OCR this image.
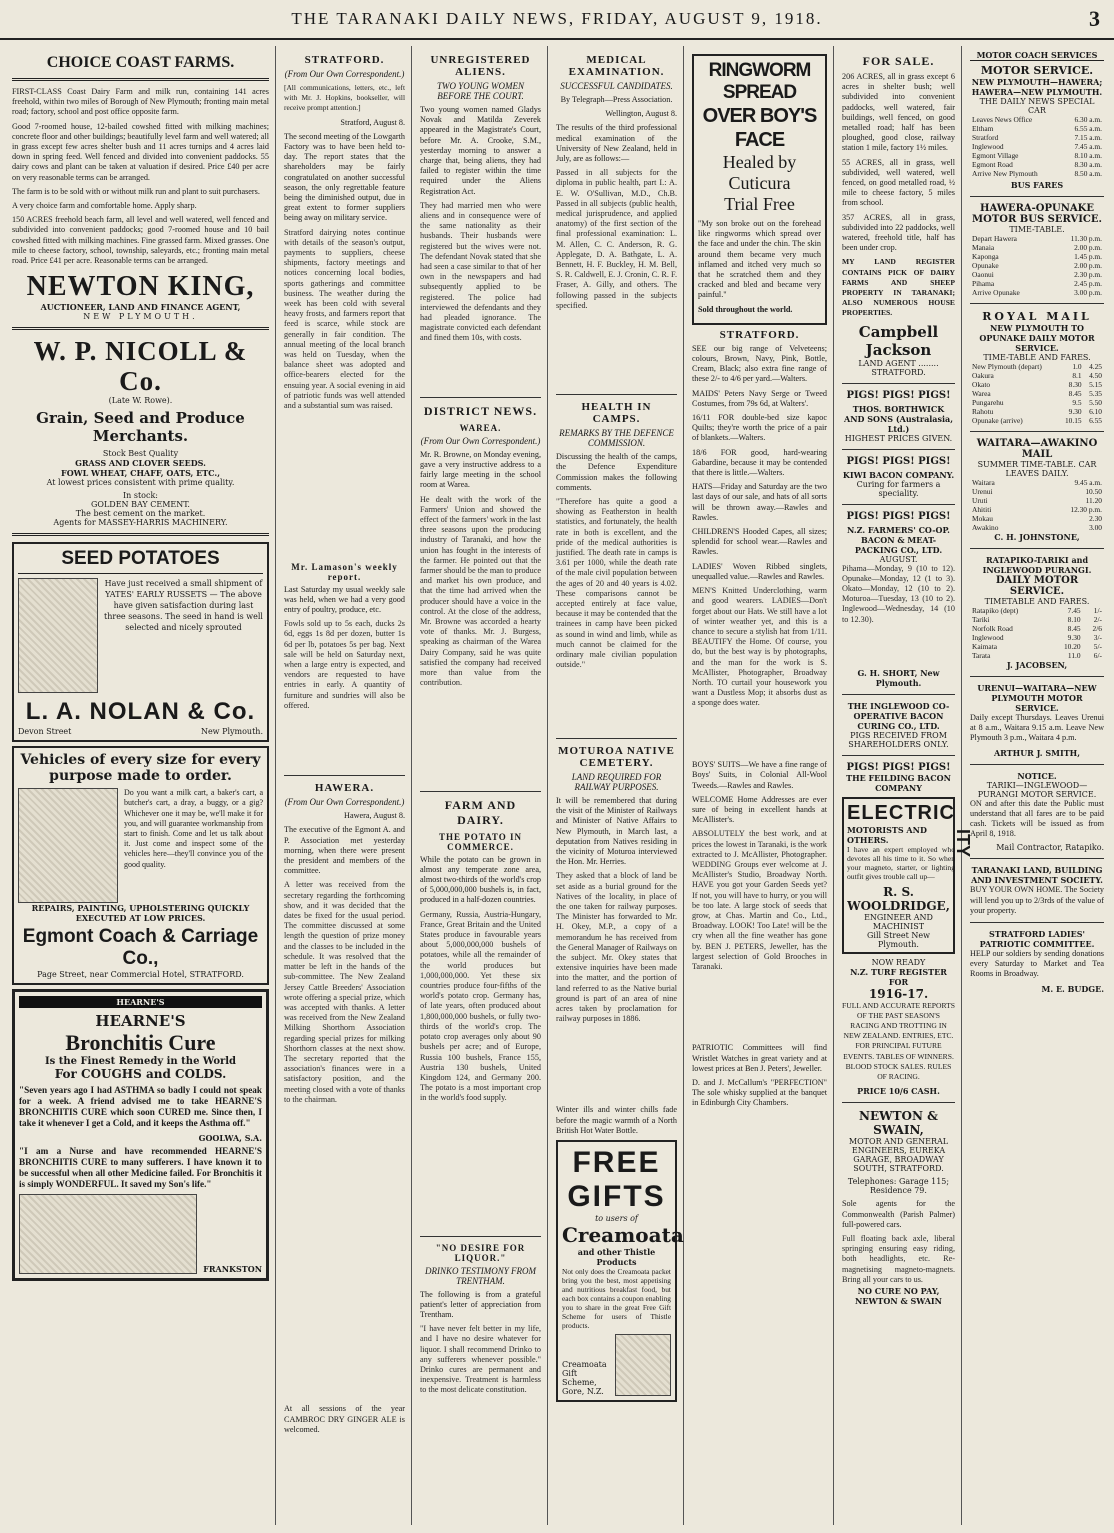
THE TARANAKI DAILY NEWS, FRIDAY, AUGUST 9, 1918.	3
CHOICE COAST FARMS.
FIRST-CLASS Coast Dairy Farm and milk run, containing 141 acres freehold, within two miles of Borough of New Plymouth; fronting main metal road; factory, school and post office opposite farm.
Good 7-roomed house, 12-bailed cowshed fitted with milking machines; concrete floor and other buildings; beautifully level farm and well watered; all in grass except few acres shelter bush and 11 acres turnips and 4 acres laid down in spring feed. Well fenced and divided into convenient paddocks. 55 dairy cows and plant can be taken at valuation if desired. Price £40 per acre on very reasonable terms can be arranged.
The farm is to be sold with or without milk run and plant to suit purchasers.
A very choice farm and comfortable home. Apply sharp.
150 ACRES freehold beach farm, all level and well watered, well fenced and subdivided into convenient paddocks; good 7-roomed house and 10 bail cowshed fitted with milking machines. Fine grassed farm. Mixed grasses. One mile to cheese factory, school, township, saleyards, etc.; fronting main metal road. Price £41 per acre. Reasonable terms can be arranged.
NEWTON KING,
AUCTIONEER, LAND AND FINANCE AGENT,
NEW PLYMOUTH.
W. P. NICOLL & Co.
(Late W. Rowe).
Grain, Seed and Produce Merchants.
Stock Best Quality
GRASS AND CLOVER SEEDS.
FOWL WHEAT, CHAFF, OATS, ETC.,
At lowest prices consistent with prime quality.
In stock:
GOLDEN BAY CEMENT.
The best cement on the market.
Agents for MASSEY-HARRIS MACHINERY.
SEED POTATOES
Have just received a small shipment of YATES' EARLY RUSSETS — The above have given satisfaction during last three seasons. The seed in hand is well selected and nicely sprouted
L. A. NOLAN & Co.
Devon Street	New Plymouth.
Vehicles of every size for every purpose made to order.
Do you want a milk cart, a baker's cart, a butcher's cart, a dray, a buggy, or a gig? Whichever one it may be, we'll make it for you, and will guarantee workmanship from start to finish. Come and let us talk about it. Just come and inspect some of the vehicles here—they'll convince you of the good quality.
REPAIRS, PAINTING, UPHOLSTERING QUICKLY EXECUTED AT LOW PRICES.
Egmont Coach & Carriage Co.,
Page Street, near Commercial Hotel, STRATFORD.
HEARNE'S
HEARNE'S
Bronchitis Cure
Is the Finest Remedy in the World
For COUGHS and COLDS.
"Seven years ago I had ASTHMA so badly I could not speak for a week. A friend advised me to take HEARNE'S BRONCHITIS CURE which soon CURED me. Since then, I take it whenever I get a Cold, and it keeps the Asthma off."
GOOLWA, S.A.
"I am a Nurse and have recommended HEARNE'S BRONCHITIS CURE to many sufferers. I have known it to be successful when all other Medicine failed. For Bronchitis it is simply WONDERFUL. It saved my Son's life."
FRANKSTON
STRATFORD.
(From Our Own Correspondent.)
[All communications, letters, etc., left with Mr. J. Hopkins, bookseller, will receive prompt attention.]
Stratford, August 8.
The second meeting of the Lowgarth Factory was to have been held to-day. The report states that the shareholders may be fairly congratulated on another successful season, the only regrettable feature being the diminished output, due in great extent to former suppliers being away on military service.
Stratford dairying notes continue with details of the season's output, payments to suppliers, cheese shipments, factory meetings and notices concerning local bodies, sports gatherings and committee business. The weather during the week has been cold with several heavy frosts, and farmers report that feed is scarce, while stock are generally in fair condition. The annual meeting of the local branch was held on Tuesday, when the balance sheet was adopted and office-bearers elected for the ensuing year. A social evening in aid of patriotic funds was well attended and a substantial sum was raised.
Mr. Lamason's weekly report.
Last Saturday my usual weekly sale was held, when we had a very good entry of poultry, produce, etc.
Fowls sold up to 5s each, ducks 2s 6d, eggs 1s 8d per dozen, butter 1s 6d per lb, potatoes 5s per bag. Next sale will be held on Saturday next, when a large entry is expected, and vendors are requested to have entries in early. A quantity of furniture and sundries will also be offered.
HAWERA.
(From Our Own Correspondent.)
Hawera, August 8.
The executive of the Egmont A. and P. Association met yesterday morning, when there were present the president and members of the committee.
A letter was received from the secretary regarding the forthcoming show, and it was decided that the dates be fixed for the usual period. The committee discussed at some length the question of prize money and the classes to be included in the schedule. It was resolved that the matter be left in the hands of the sub-committee. The New Zealand Jersey Cattle Breeders' Association wrote offering a special prize, which was accepted with thanks. A letter was received from the New Zealand Milking Shorthorn Association regarding special prizes for milking Shorthorn classes at the next show. The secretary reported that the association's finances were in a satisfactory position, and the meeting closed with a vote of thanks to the chairman.
At all sessions of the year CAMBROC DRY GINGER ALE is welcomed.
UNREGISTERED ALIENS.
TWO YOUNG WOMEN BEFORE THE COURT.
Two young women named Gladys Novak and Matilda Zeverek appeared in the Magistrate's Court, before Mr. A. Crooke, S.M., yesterday morning to answer a charge that, being aliens, they had failed to register within the time required under the Aliens Registration Act.
They had married men who were aliens and in consequence were of the same nationality as their husbands. Their husbands were registered but the wives were not. The defendant Novak stated that she had seen a case similar to that of her own in the newspapers and had subsequently applied to be registered. The police had interviewed the defendants and they had pleaded ignorance. The magistrate convicted each defendant and fined them 10s, with costs.
DISTRICT NEWS.
WAREA.
(From Our Own Correspondent.)
Mr. R. Browne, on Monday evening, gave a very instructive address to a fairly large meeting in the school room at Warea.
He dealt with the work of the Farmers' Union and showed the effect of the farmers' work in the last three seasons upon the producing industry of Taranaki, and how the union has fought in the interests of the farmer. He pointed out that the farmer should be the man to produce and market his own produce, and that the time had arrived when the producer should have a voice in the control. At the close of the address, Mr. Browne was accorded a hearty vote of thanks. Mr. J. Burgess, speaking as chairman of the Warea Dairy Company, said he was quite satisfied the company had received more than value from the contribution.
FARM AND DAIRY.
THE POTATO IN COMMERCE.
While the potato can be grown in almost any temperate zone area, almost two-thirds of the world's crop of 5,000,000,000 bushels is, in fact, produced in a half-dozen countries.
Germany, Russia, Austria-Hungary, France, Great Britain and the United States produce in favourable years about 5,000,000,000 bushels of potatoes, while all the remainder of the world produces but 1,000,000,000. Yet these six countries produce four-fifths of the world's potato crop. Germany has, of late years, often produced about 1,800,000,000 bushels, or fully two-thirds of the world's crop. The potato crop averages only about 90 bushels per acre; and of Europe, Russia 100 bushels, France 155, Austria 130 bushels, United Kingdom 124, and Germany 200. The potato is a most important crop in the world's food supply.
"NO DESIRE FOR LIQUOR."
DRINKO TESTIMONY FROM TRENTHAM.
The following is from a grateful patient's letter of appreciation from Trentham.
"I have never felt better in my life, and I have no desire whatever for liquor. I shall recommend Drinko to any sufferers whenever possible." Drinko cures are permanent and inexpensive. Treatment is harmless to the most delicate constitution.
MEDICAL EXAMINATION.
SUCCESSFUL CANDIDATES.
By Telegraph—Press Association.
Wellington, August 8.
The results of the third professional medical examination of the University of New Zealand, held in July, are as follows:—
Passed in all subjects for the diploma in public health, part I.: A. E. W. O'Sullivan, M.D., Ch.B. Passed in all subjects (public health, medical jurisprudence, and applied anatomy) of the first section of the final professional examination: L. M. Allen, C. C. Anderson, R. G. Applegate, D. A. Bathgate, L. A. Bennett, H. F. Buckley, H. M. Bell, S. R. Caldwell, E. J. Cronin, C. R. F. Fraser, A. Gilly, and others. The following passed in the subjects specified.
HEALTH IN CAMPS.
REMARKS BY THE DEFENCE COMMISSION.
Discussing the health of the camps, the Defence Expenditure Commission makes the following comments.
"Therefore has quite a good a showing as Featherston in health statistics, and fortunately, the health rate in both is excellent, and the pride of the medical authorities is justified. The death rate in camps is 3.61 per 1000, while the death rate of the male civil population between the ages of 20 and 40 years is 4.02. These comparisons cannot be accepted entirely at face value, because it may be contended that the trainees in camp have been picked as sound in wind and limb, while as much cannot be claimed for the ordinary male civilian population outside."
MOTUROA NATIVE CEMETERY.
LAND REQUIRED FOR RAILWAY PURPOSES.
It will be remembered that during the visit of the Minister of Railways and Minister of Native Affairs to New Plymouth, in March last, a deputation from Natives residing in the vicinity of Moturoa interviewed the Hon. Mr. Herries.
They asked that a block of land be set aside as a burial ground for the Natives of the locality, in place of the one taken for railway purposes. The Minister has forwarded to Mr. H. Okey, M.P., a copy of a memorandum he has received from the General Manager of Railways on the subject. Mr. Okey states that extensive inquiries have been made into the matter, and the portion of land referred to as the Native burial ground is part of an area of nine acres taken by proclamation for railway purposes in 1886.
Winter ills and winter chills fade before the magic warmth of a North British Hot Water Bottle.
FREE GIFTS
to users of
Creamoata
and other Thistle Products
Not only does the Creamoata packet bring you the best, most appetising and nutritious breakfast food, but each box contains a coupon enabling you to share in the great Free Gift Scheme for users of Thistle products.
Creamoata Gift Scheme, Gore, N.Z.
RINGWORM SPREAD
OVER BOY'S FACE
Healed by Cuticura
Trial Free
"My son broke out on the forehead like ringworms which spread over the face and under the chin. The skin around them became very much inflamed and itched very much so that he scratched them and they cracked and bled and became very painful."
Sold throughout the world.
STRATFORD.
SEE our big range of Velveteens; colours, Brown, Navy, Pink, Bottle, Cream, Black; also extra fine range of these 2/- to 4/6 per yard.—Walters.
MAIDS' Peters Navy Serge or Tweed Costumes, from 79s 6d, at Walters'.
16/11 FOR double-bed size kapoc Quilts; they're worth the price of a pair of blankets.—Walters.
18/6 FOR good, hard-wearing Gabardine, because it may be contended that there is little.—Walters.
HATS—Friday and Saturday are the two last days of our sale, and hats of all sorts will be thrown away.—Rawles and Rawles.
CHILDREN'S Hooded Capes, all sizes; splendid for school wear.—Rawles and Rawles.
LADIES' Woven Ribbed singlets, unequalled value.—Rawles and Rawles.
MEN'S Knitted Underclothing, warm and good wearers. LADIES—Don't forget about our Hats. We still have a lot of winter weather yet, and this is a chance to secure a stylish hat from 1/11. BEAUTIFY the Home. Of course, you do, but the best way is by photographs, and the man for the work is S. McAllister, Photographer, Broadway North. TO curtail your housework you want a Dustless Mop; it absorbs dust as a sponge does water.
BOYS' SUITS—We have a fine range of Boys' Suits, in Colonial All-Wool Tweeds.—Rawles and Rawles.
WELCOME Home Addresses are ever sure of being in excellent hands at McAllister's.
ABSOLUTELY the best work, and at prices the lowest in Taranaki, is the work extracted to J. McAllister, Photographer. WEDDING Groups ever welcome at J. McAllister's Studio, Broadway North. HAVE you got your Garden Seeds yet? If not, you will have to hurry, or you will be too late. A large stock of seeds that grow, at Chas. Martin and Co., Ltd., Broadway. LOOK! Too Late! will be the cry when all the fine weather has gone by. BEN J. PETERS, Jeweller, has the largest selection of Gold Brooches in Taranaki.
PATRIOTIC Committees will find Wristlet Watches in great variety and at lowest prices at Ben J. Peters', Jeweller.
D. and J. McCallum's "PERFECTION" The sole whisky supplied at the banquet in Edinburgh City Chambers.
FOR SALE.
206 ACRES, all in grass except 6 acres in shelter bush; well subdivided into convenient paddocks, well watered, fair buildings, well fenced, on good metalled road; half has been ploughed, good close, railway station 1 mile, factory 1½ miles.
55 ACRES, all in grass, well subdivided, well watered, well fenced, on good metalled road, ½ mile to cheese factory, 5 miles from school.
357 ACRES, all in grass, subdivided into 22 paddocks, well watered, freehold title, half has been under crop.
MY LAND REGISTER CONTAINS PICK OF DAIRY FARMS AND SHEEP PROPERTY IN TARANAKI; ALSO NUMEROUS HOUSE PROPERTIES.
Campbell Jackson
LAND AGENT ........ STRATFORD.
PIGS! PIGS! PIGS!
THOS. BORTHWICK AND SONS (Australasia, Ltd.)
HIGHEST PRICES GIVEN.
PIGS! PIGS! PIGS!
KIWI BACON COMPANY.
Curing for farmers a speciality.
PIGS! PIGS! PIGS!
N.Z. FARMERS' CO-OP. BACON & MEAT-PACKING CO., LTD.
AUGUST.
Pihama—Monday, 9 (10 to 12). Opunake—Monday, 12 (1 to 3). Okato—Monday, 12 (10 to 2). Moturoa—Tuesday, 13 (10 to 2). Inglewood—Wednesday, 14 (10 to 12.30).
G. H. SHORT, New Plymouth.
THE INGLEWOOD CO-OPERATIVE BACON CURING CO., LTD.
PIGS RECEIVED FROM SHAREHOLDERS ONLY.
PIGS! PIGS! PIGS!
THE FEILDING BACON COMPANY
ELECTRIC
MOTORISTS AND OTHERS.
I have an expert employed who devotes all his time to it. So when your magneto, starter, or lighting outfit gives trouble call up—
ITY
R. S. WOOLDRIDGE,
ENGINEER AND MACHINIST
Gill Street New Plymouth.
NOW READY
N.Z. TURF REGISTER FOR
1916-17.
FULL AND ACCURATE REPORTS OF THE PAST SEASON'S RACING AND TROTTING IN NEW ZEALAND. ENTRIES, ETC. FOR PRINCIPAL FUTURE EVENTS. TABLES OF WINNERS. BLOOD STOCK SALES. RULES OF RACING.
PRICE 10/6 CASH.
NEWTON & SWAIN,
MOTOR AND GENERAL ENGINEERS, EUREKA GARAGE, BROADWAY SOUTH, STRATFORD.
Telephones: Garage 115; Residence 79.
Sole agents for the Commonwealth (Parish Palmer) full-powered cars.
Full floating back axle, liberal springing ensuring easy riding, both headlights, etc. Re-magnetising magneto-magnets. Bring all your cars to us.
NO CURE NO PAY,
NEWTON & SWAIN
MOTOR COACH SERVICES
MOTOR SERVICE.
NEW PLYMOUTH—HAWERA; HAWERA—NEW PLYMOUTH.
THE DAILY NEWS SPECIAL CAR
Leaves News Office	6.30 a.m.
Eltham	6.55 a.m.
Stratford	7.15 a.m.
Inglewood	7.45 a.m.
Egmont Village	8.10 a.m.
Egmont Road	8.30 a.m.
Arrive New Plymouth	8.50 a.m.
BUS FARES
HAWERA-OPUNAKE MOTOR BUS SERVICE.
TIME-TABLE.
Depart Hawera	11.30 p.m.
Manaia	2.00 p.m.
Kaponga	1.45 p.m.
Opunake	2.00 p.m.
Oaonui	2.30 p.m.
Pihama	2.45 p.m.
Arrive Opunake	3.00 p.m.
ROYAL MAIL
NEW PLYMOUTH TO OPUNAKE DAILY MOTOR SERVICE.
TIME-TABLE AND FARES.
New Plymouth (depart)	1.0	4.25
Oakura	8.1	4.50
Okato	8.30	5.15
Warea	8.45	5.35
Pungarehu	9.5	5.50
Rahotu	9.30	6.10
Opunake (arrive)	10.15	6.55
WAITARA—AWAKINO MAIL
SUMMER TIME-TABLE. CAR LEAVES DAILY.
Waitara	9.45 a.m.
Urenui	10.50
Uruti	11.20
Ahititi	12.30 p.m.
Mokau	2.30
Awakino	3.00
C. H. JOHNSTONE,
RATAPIKO-TARIKI and INGLEWOOD PURANGI.
DAILY MOTOR SERVICE.
TIMETABLE AND FARES.
Ratapiko (dept)	7.45	1/-
Tariki	8.10	2/-
Norfolk Road	8.45	2/6
Inglewood	9.30	3/-
Kaimata	10.20	5/-
Tarata	11.0	6/-
J. JACOBSEN,
URENUI—WAITARA—NEW PLYMOUTH MOTOR SERVICE.
Daily except Thursdays. Leaves Urenui at 8 a.m., Waitara 9.15 a.m. Leave New Plymouth 3 p.m., Waitara 4 p.m.
ARTHUR J. SMITH,
NOTICE.
TARIKI—INGLEWOOD—PURANGI MOTOR SERVICE.
ON and after this date the Public must understand that all fares are to be paid cash. Tickets will be issued as from April 8, 1918.
Mail Contractor, Ratapiko.
TARANAKI LAND, BUILDING AND INVESTMENT SOCIETY.
BUY YOUR OWN HOME. The Society will lend you up to 2/3rds of the value of your property.
STRATFORD LADIES' PATRIOTIC COMMITTEE.
HELP our soldiers by sending donations every Saturday to Market and Tea Rooms in Broadway.
M. E. BUDGE.
